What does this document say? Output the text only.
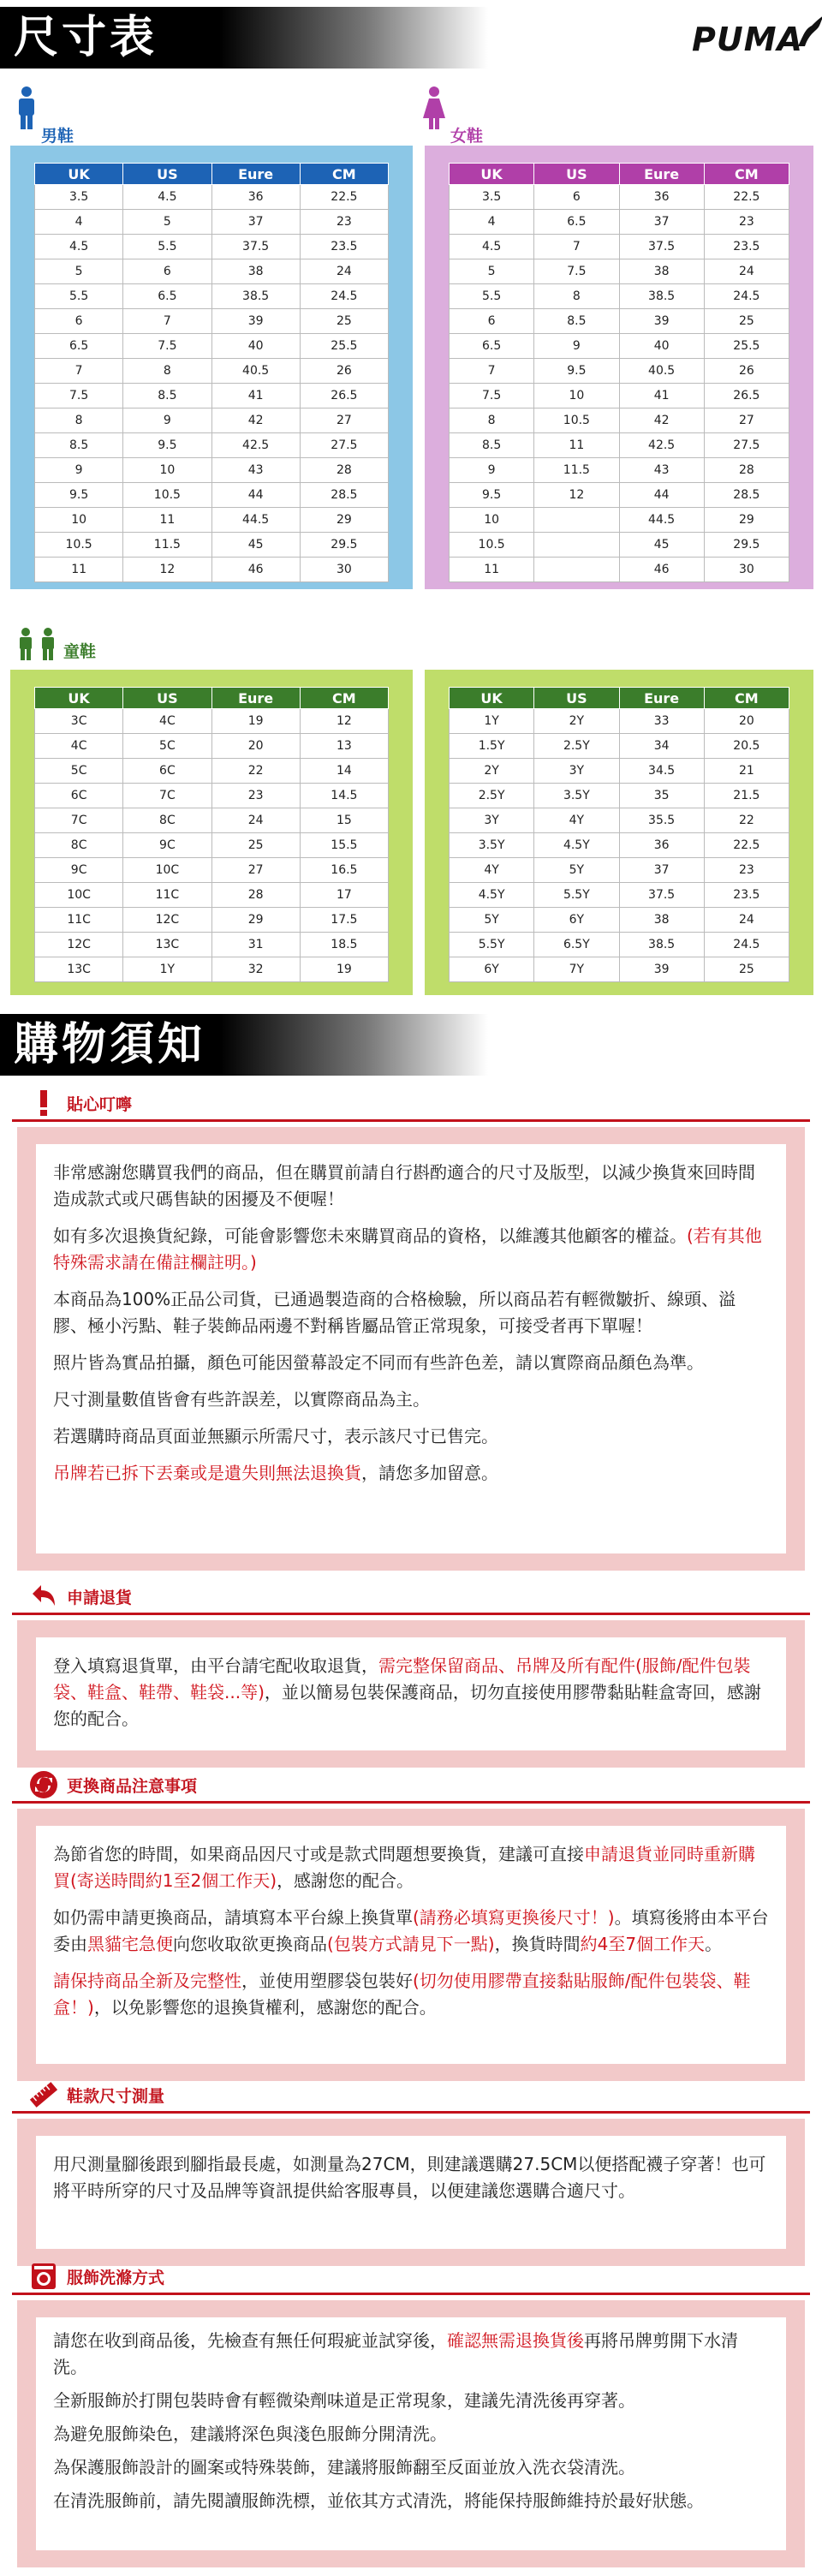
尺寸表	PUMA
男鞋
UK	US	Eure	CM
3.5	4.5	36	22.5
4	5	37	23
4.5	5.5	37.5	23.5
5	6	38	24
5.5	6.5	38.5	24.5
6	7	39	25
6.5	7.5	40	25.5
7	8	40.5	26
7.5	8.5	41	26.5
8	9	42	27
8.5	9.5	42.5	27.5
9	10	43	28
9.5	10.5	44	28.5
10	11	44.5	29
10.5	11.5	45	29.5
11	12	46	30
女鞋
UK	US	Eure	CM
3.5	6	36	22.5
4	6.5	37	23
4.5	7	37.5	23.5
5	7.5	38	24
5.5	8	38.5	24.5
6	8.5	39	25
6.5	9	40	25.5
7	9.5	40.5	26
7.5	10	41	26.5
8	10.5	42	27
8.5	11	42.5	27.5
9	11.5	43	28
9.5	12	44	28.5
10		44.5	29
10.5		45	29.5
11		46	30
童鞋
UK	US	Eure	CM
3C	4C	19	12
4C	5C	20	13
5C	6C	22	14
6C	7C	23	14.5
7C	8C	24	15
8C	9C	25	15.5
9C	10C	27	16.5
10C	11C	28	17
11C	12C	29	17.5
12C	13C	31	18.5
13C	1Y	32	19
UK	US	Eure	CM
1Y	2Y	33	20
1.5Y	2.5Y	34	20.5
2Y	3Y	34.5	21
2.5Y	3.5Y	35	21.5
3Y	4Y	35.5	22
3.5Y	4.5Y	36	22.5
4Y	5Y	37	23
4.5Y	5.5Y	37.5	23.5
5Y	6Y	38	24
5.5Y	6.5Y	38.5	24.5
6Y	7Y	39	25
購物須知
貼心叮嚀

非常感謝您購買我們的商品，但在購買前請自行斟酌適合的尺寸及版型，以減少換貨來回時間造成款式或尺碼售缺的困擾及不便喔！

如有多次退換貨紀錄，可能會影響您未來購買商品的資格，以維護其他顧客的權益。(若有其他特殊需求請在備註欄註明。)

本商品為100%正品公司貨，已通過製造商的合格檢驗，所以商品若有輕微皺折、線頭、溢膠、極小污點、鞋子裝飾品兩邊不對稱皆屬品管正常現象，可接受者再下單喔！

照片皆為實品拍攝，顏色可能因螢幕設定不同而有些許色差，請以實際商品顏色為準。

尺寸測量數值皆會有些許誤差，以實際商品為主。

若選購時商品頁面並無顯示所需尺寸，表示該尺寸已售完。

吊牌若已拆下丟棄或是遺失則無法退換貨，請您多加留意。

申請退貨

登入填寫退貨單，由平台請宅配收取退貨，需完整保留商品、吊牌及所有配件(服飾/配件包裝袋、鞋盒、鞋帶、鞋袋...等)，並以簡易包裝保護商品，切勿直接使用膠帶黏貼鞋盒寄回，感謝您的配合。

更換商品注意事項

為節省您的時間，如果商品因尺寸或是款式問題想要換貨，建議可直接申請退貨並同時重新購買(寄送時間約1至2個工作天)，感謝您的配合。

如仍需申請更換商品，請填寫本平台線上換貨單(請務必填寫更換後尺寸！)。填寫後將由本平台委由黑貓宅急便向您收取欲更換商品(包裝方式請見下一點)，換貨時間約4至7個工作天。

請保持商品全新及完整性，並使用塑膠袋包裝好(切勿使用膠帶直接黏貼服飾/配件包裝袋、鞋盒！)，以免影響您的退換貨權利，感謝您的配合。

鞋款尺寸測量

用尺測量腳後跟到腳指最長處，如測量為27CM，則建議選購27.5CM以便搭配襪子穿著！也可將平時所穿的尺寸及品牌等資訊提供給客服專員，以便建議您選購合適尺寸。

服飾洗滌方式

請您在收到商品後，先檢查有無任何瑕疵並試穿後，確認無需退換貨後再將吊牌剪開下水清洗。

全新服飾於打開包裝時會有輕微染劑味道是正常現象，建議先清洗後再穿著。

為避免服飾染色，建議將深色與淺色服飾分開清洗。

為保護服飾設計的圖案或特殊裝飾，建議將服飾翻至反面並放入洗衣袋清洗。

在清洗服飾前，請先閱讀服飾洗標，並依其方式清洗，將能保持服飾維持於最好狀態。
